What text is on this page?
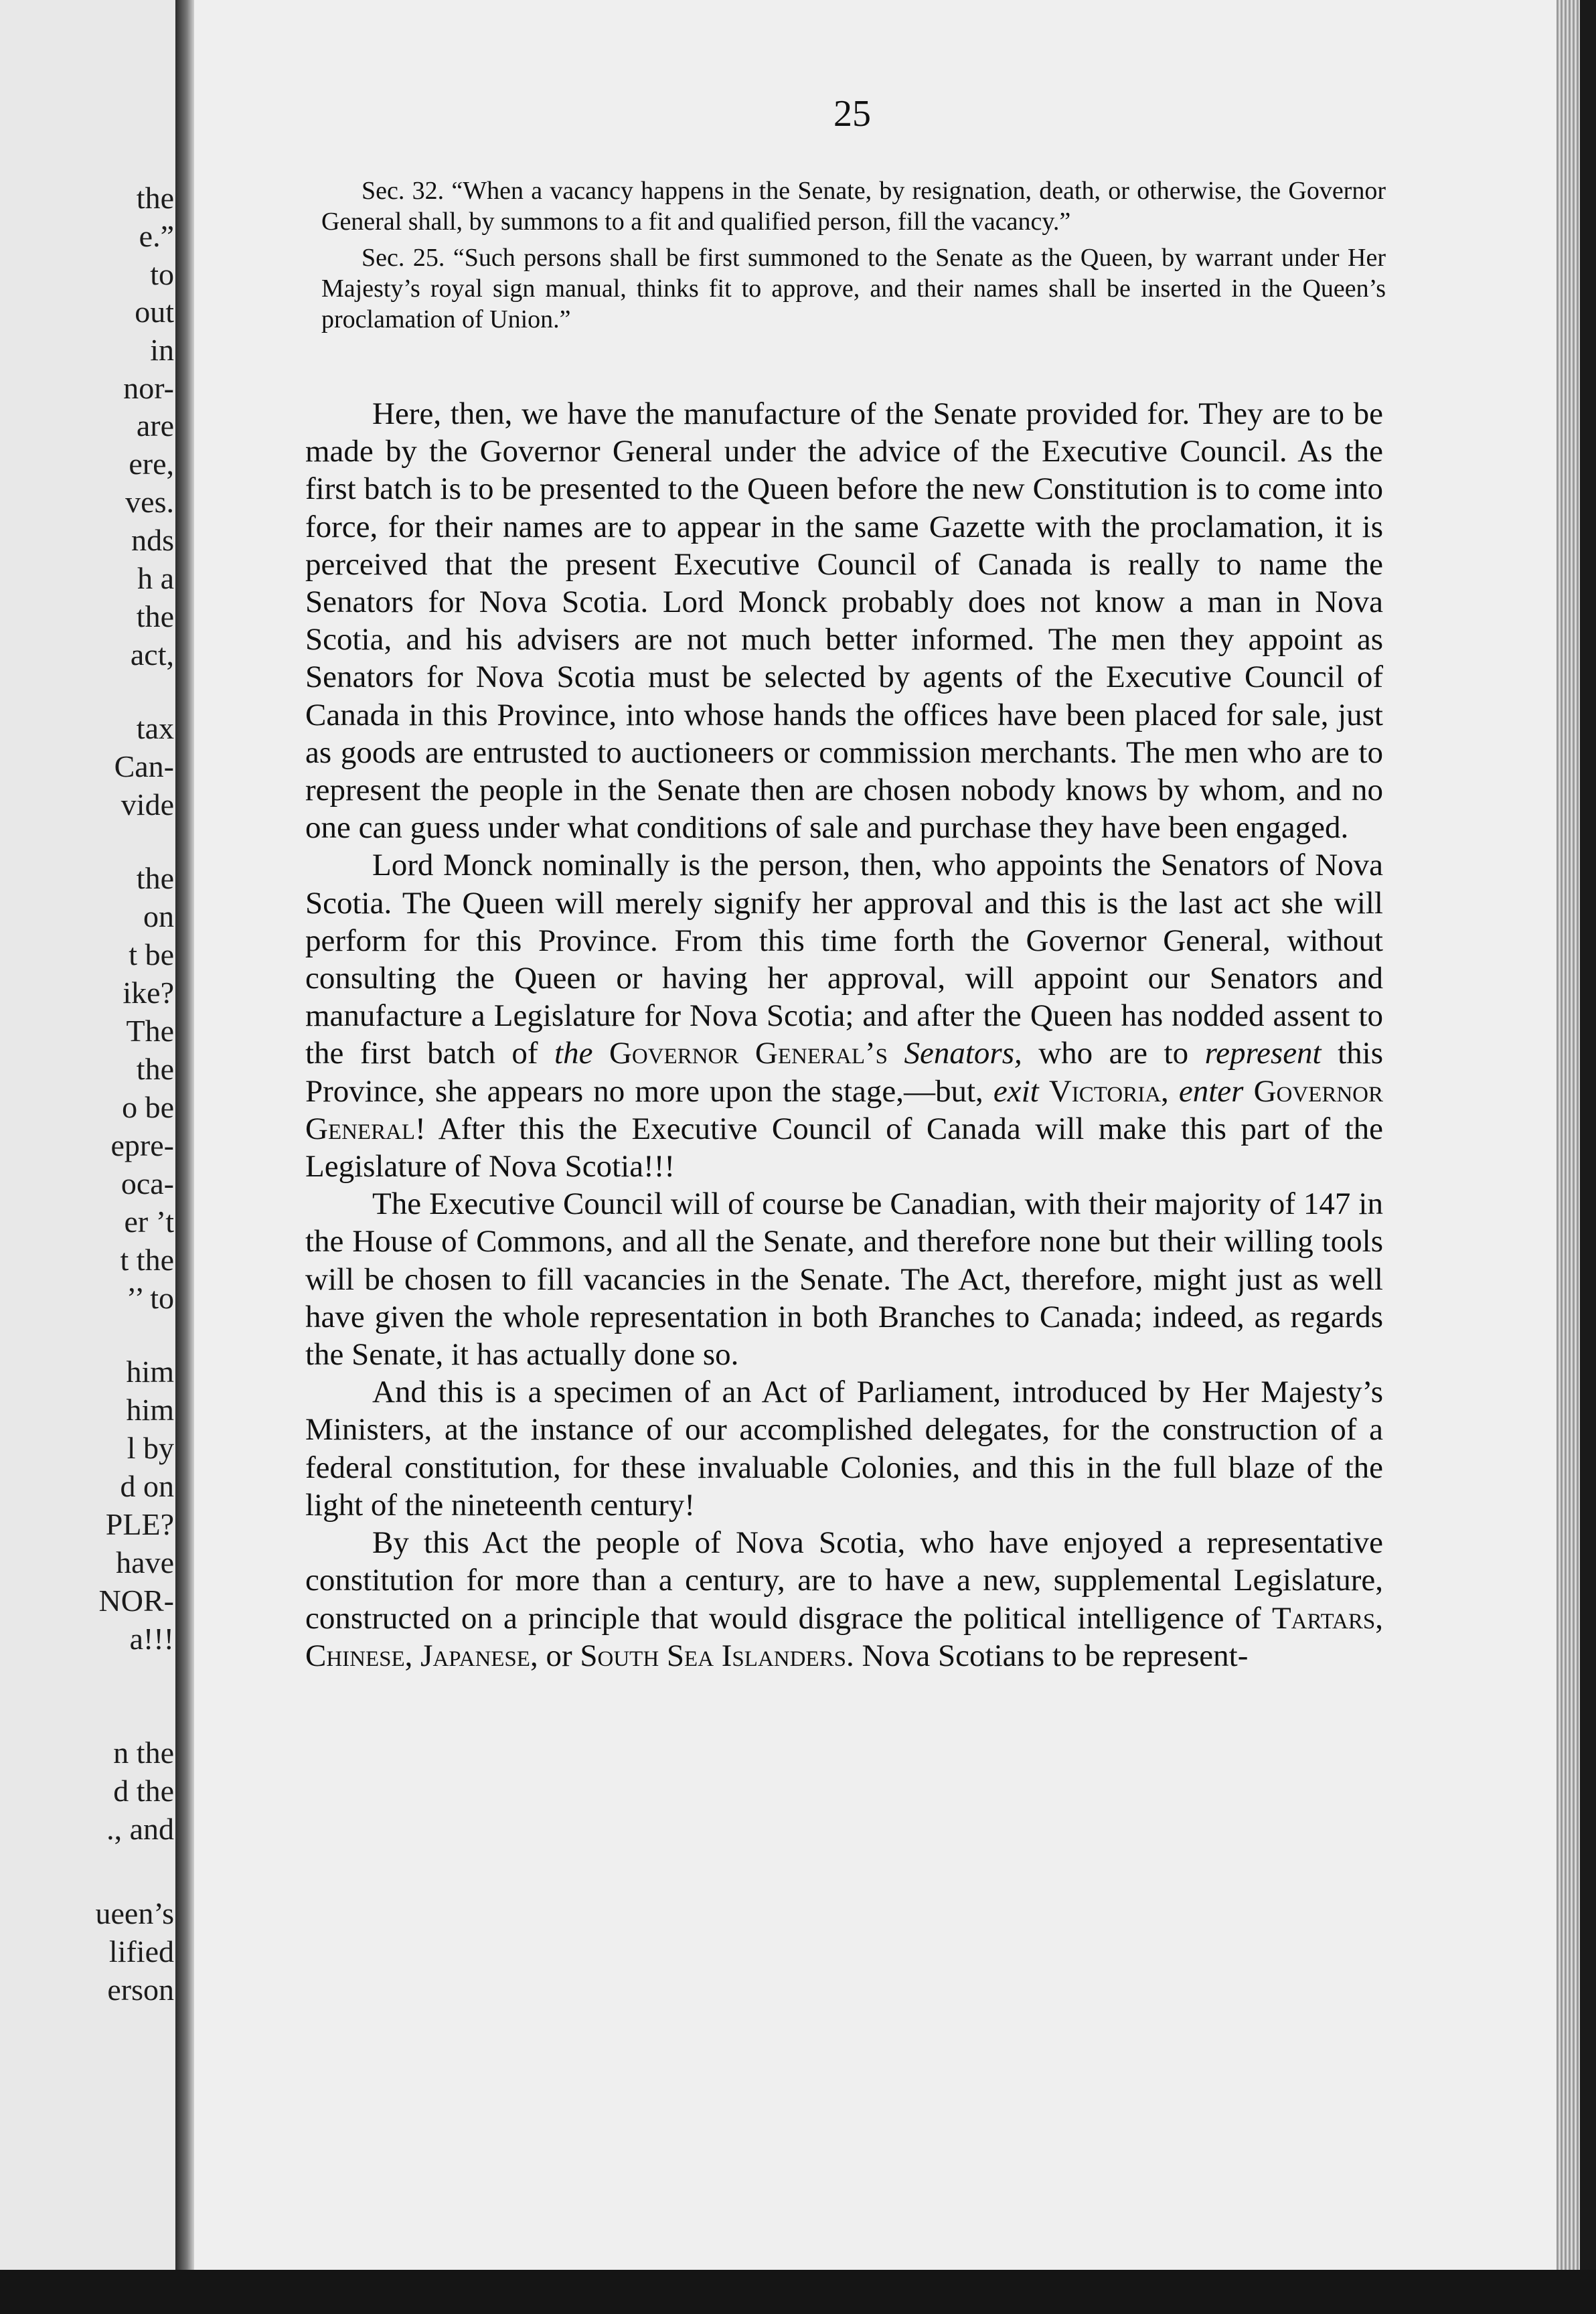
the
e.”
to
out
in
nor-
are
ere,
ves.
nds
h a
the
act,
tax
Can-
vide
the
on
t be
ike?
The
the
o be
epre-
oca-
er ’t
t the
’’ to
him
him
l by
d on
PLE?
have
NOR-
a!!!
n the
d the
., and
ueen’s
lified
erson
25

Sec. 32. “When a vacancy happens in the Senate, by resignation, death, or otherwise, the Governor General shall, by summons to a fit and qualified person, fill the vacancy.”

Sec. 25. “Such persons shall be first summoned to the Senate as the Queen, by warrant under Her Majesty’s royal sign manual, thinks fit to approve, and their names shall be inserted in the Queen’s proclamation of Union.”

Here, then, we have the manufacture of the Senate provided for. They are to be made by the Governor General under the advice of the Executive Council. As the first batch is to be presented to the Queen before the new Constitution is to come into force, for their names are to appear in the same Gazette with the proclamation, it is perceived that the present Executive Council of Canada is really to name the Senators for Nova Scotia. Lord Monck probably does not know a man in Nova Scotia, and his advisers are not much better informed. The men they appoint as Senators for Nova Scotia must be selected by agents of the Executive Council of Canada in this Province, into whose hands the offices have been placed for sale, just as goods are entrusted to auctioneers or commission merchants. The men who are to represent the people in the Senate then are chosen nobody knows by whom, and no one can guess under what conditions of sale and purchase they have been engaged.

Lord Monck nominally is the person, then, who appoints the Senators of Nova Scotia. The Queen will merely signify her approval and this is the last act she will perform for this Province. From this time forth the Governor General, without consulting the Queen or having her approval, will appoint our Senators and manufacture a Legislature for Nova Scotia; and after the Queen has nodded assent to the first batch of the Governor General’s Senators, who are to represent this Province, she appears no more upon the stage,—but, exit Victoria, enter Governor General! After this the Executive Council of Canada will make this part of the Legislature of Nova Scotia!!!

The Executive Council will of course be Canadian, with their majority of 147 in the House of Commons, and all the Senate, and therefore none but their willing tools will be chosen to fill vacancies in the Senate. The Act, therefore, might just as well have given the whole representation in both Branches to Canada; indeed, as regards the Senate, it has actually done so.

And this is a specimen of an Act of Parliament, introduced by Her Majesty’s Ministers, at the instance of our accomplished delegates, for the construction of a federal constitution, for these invaluable Colonies, and this in the full blaze of the light of the nineteenth century!

By this Act the people of Nova Scotia, who have enjoyed a representative constitution for more than a century, are to have a new, supplemental Legislature, constructed on a principle that would disgrace the political intelligence of Tartars, Chinese, Japanese, or South Sea Islanders. Nova Scotians to be represent-
